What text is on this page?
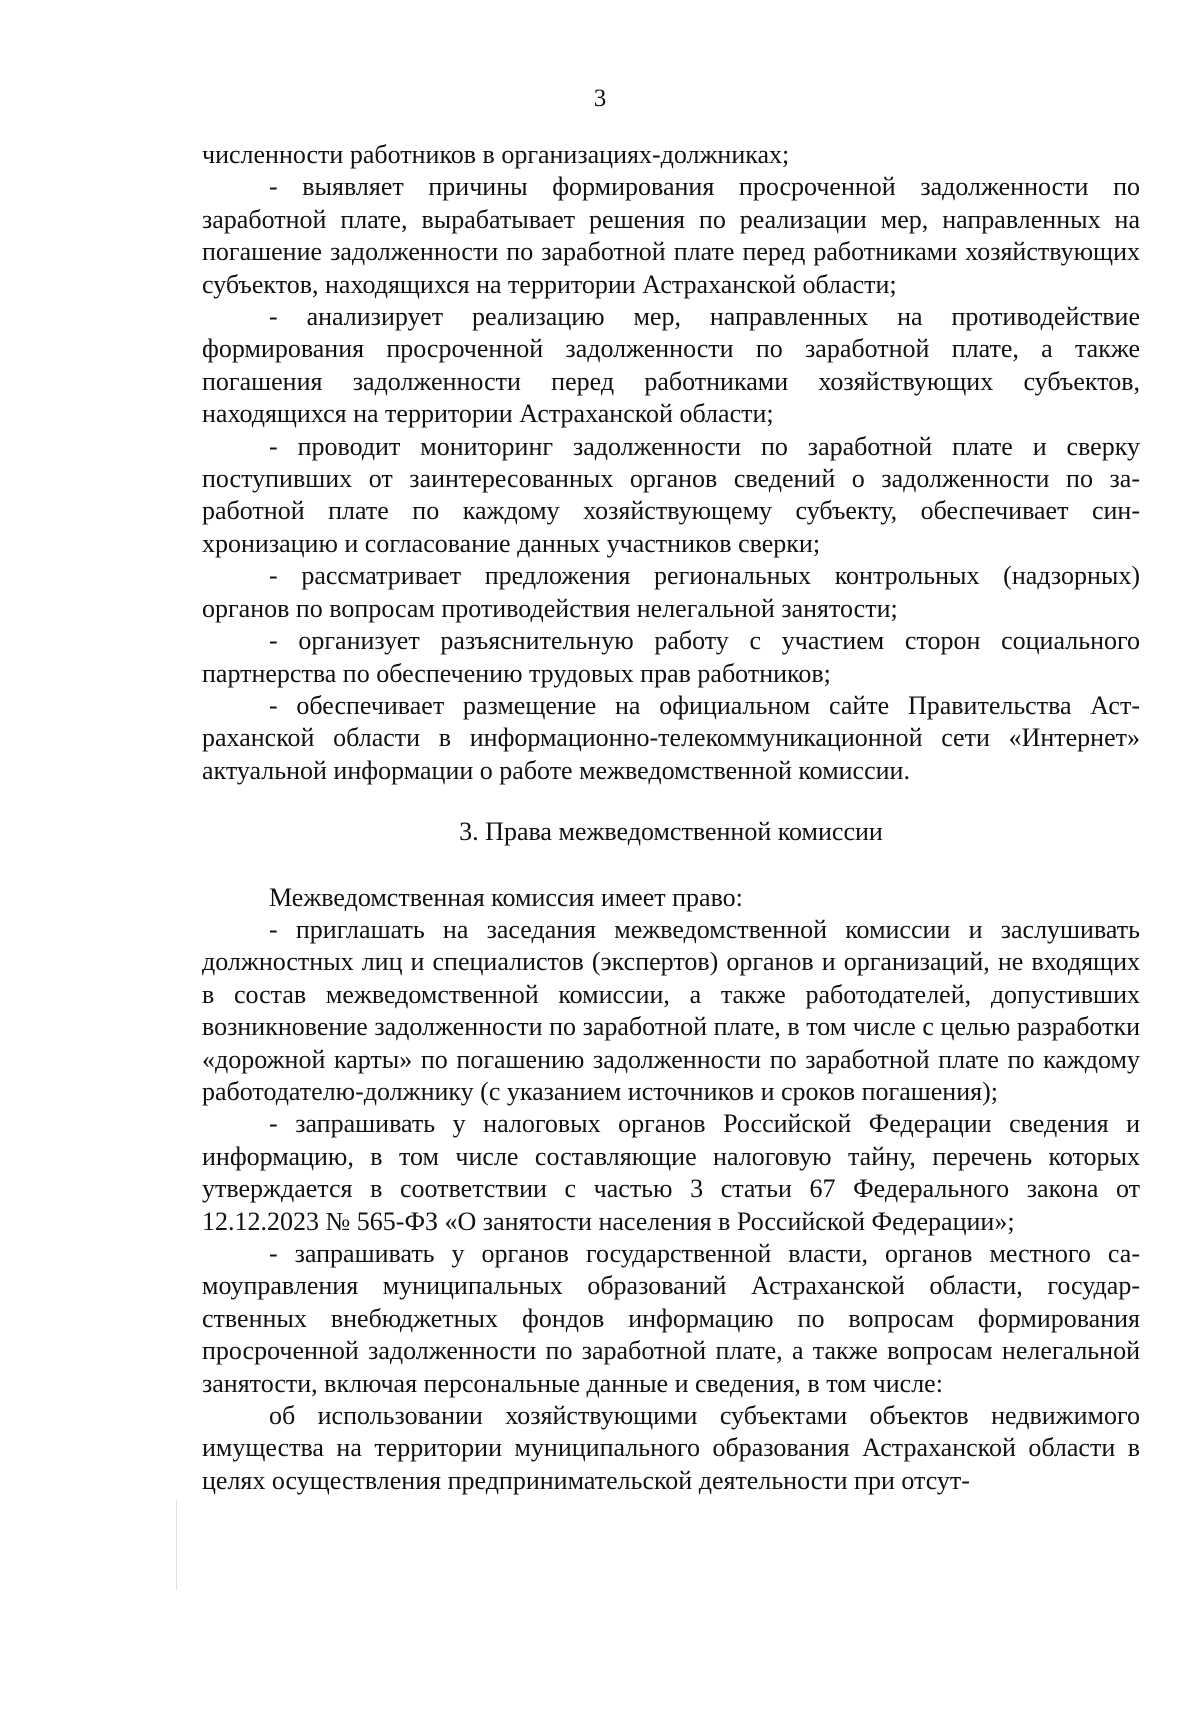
3

численности работников в организациях-должниках;

- выявляет причины формирования просроченной задолженности по заработной плате, вырабатывает решения по реализации мер, направленных на погашение задолженности по заработной плате перед работниками хозяйствующих субъектов, находящихся на территории Астраханской области;

- анализирует реализацию мер, направленных на противодействие формирования просроченной задолженности по заработной плате, а также погашения задолженности перед работниками хозяйствующих субъектов, находящихся на территории Астраханской области;

- проводит мониторинг задолженности по заработной плате и сверку поступивших от заинтересованных органов сведений о задолженности по заработной плате по каждому хозяйствующему субъекту, обеспечивает синхронизацию и согласование данных участников сверки;

- рассматривает предложения региональных контрольных (надзорных) органов по вопросам противодействия нелегальной занятости;

- организует разъяснительную работу с участием сторон социального партнерства по обеспечению трудовых прав работников;

- обеспечивает размещение на официальном сайте Правительства Астраханской области в информационно-телекоммуникационной сети «Интернет» актуальной информации о работе межведомственной комиссии.

3. Права межведомственной комиссии

Межведомственная комиссия имеет право:

- приглашать на заседания межведомственной комиссии и заслушивать должностных лиц и специалистов (экспертов) органов и организаций, не входящих в состав межведомственной комиссии, а также работодателей, допустивших возникновение задолженности по заработной плате, в том числе с целью разработки «дорожной карты» по погашению задолженности по заработной плате по каждому работодателю-должнику (с указанием источников и сроков погашения);

- запрашивать у налоговых органов Российской Федерации сведения и информацию, в том числе составляющие налоговую тайну, перечень которых утверждается в соответствии с частью 3 статьи 67 Федерального закона от 12.12.2023 № 565-ФЗ «О занятости населения в Российской Федерации»;

- запрашивать у органов государственной власти, органов местного самоуправления муниципальных образований Астраханской области, государственных внебюджетных фондов информацию по вопросам формирования просроченной задолженности по заработной плате, а также вопросам нелегальной занятости, включая персональные данные и сведения, в том числе:

об использовании хозяйствующими субъектами объектов недвижимого имущества на территории муниципального образования Астраханской области в целях осуществления предпринимательской деятельности при отсут-
